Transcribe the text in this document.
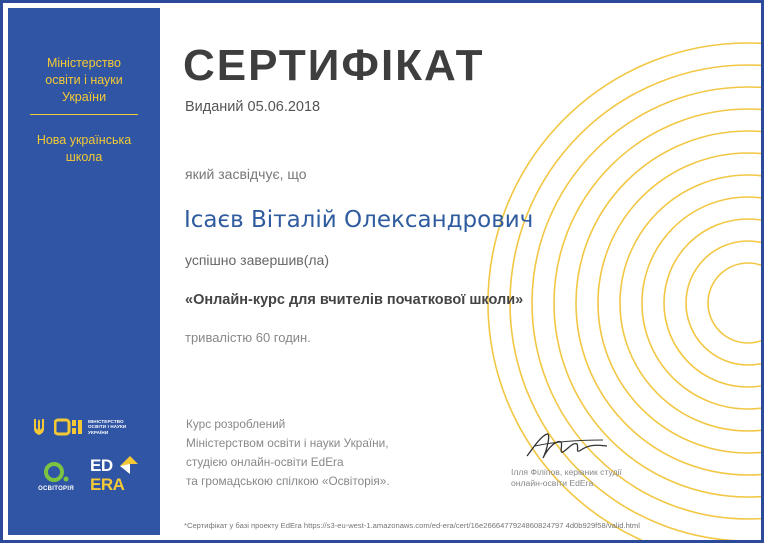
Міністерство
освіти і науки
України
Нова українська
школа
МІНІСТЕРСТВО
ОСВІТИ І НАУКИ
УКРАЇНИ
ОСВІТОРІЯ
ED
ERA
СЕРТИФІКАТ
Виданий 05.06.2018
який засвідчує, що
Ісаєв Віталій Олександрович
успішно завершив(ла)
«Онлайн-курс для вчителів початкової школи»
тривалістю 60 годин.
Курс розроблений
Міністерством освіти і науки України,
студією онлайн-освіти EdEra
та громадською спілкою «Освіторія».
Ілля Філіпов, керівник студії
онлайн-освіти EdEra
*Сертифікат у базі проекту EdEra https://s3-eu-west-1.amazonaws.com/ed-era/cert/16e2666477924860824797 4d0b929f58/valid.html
